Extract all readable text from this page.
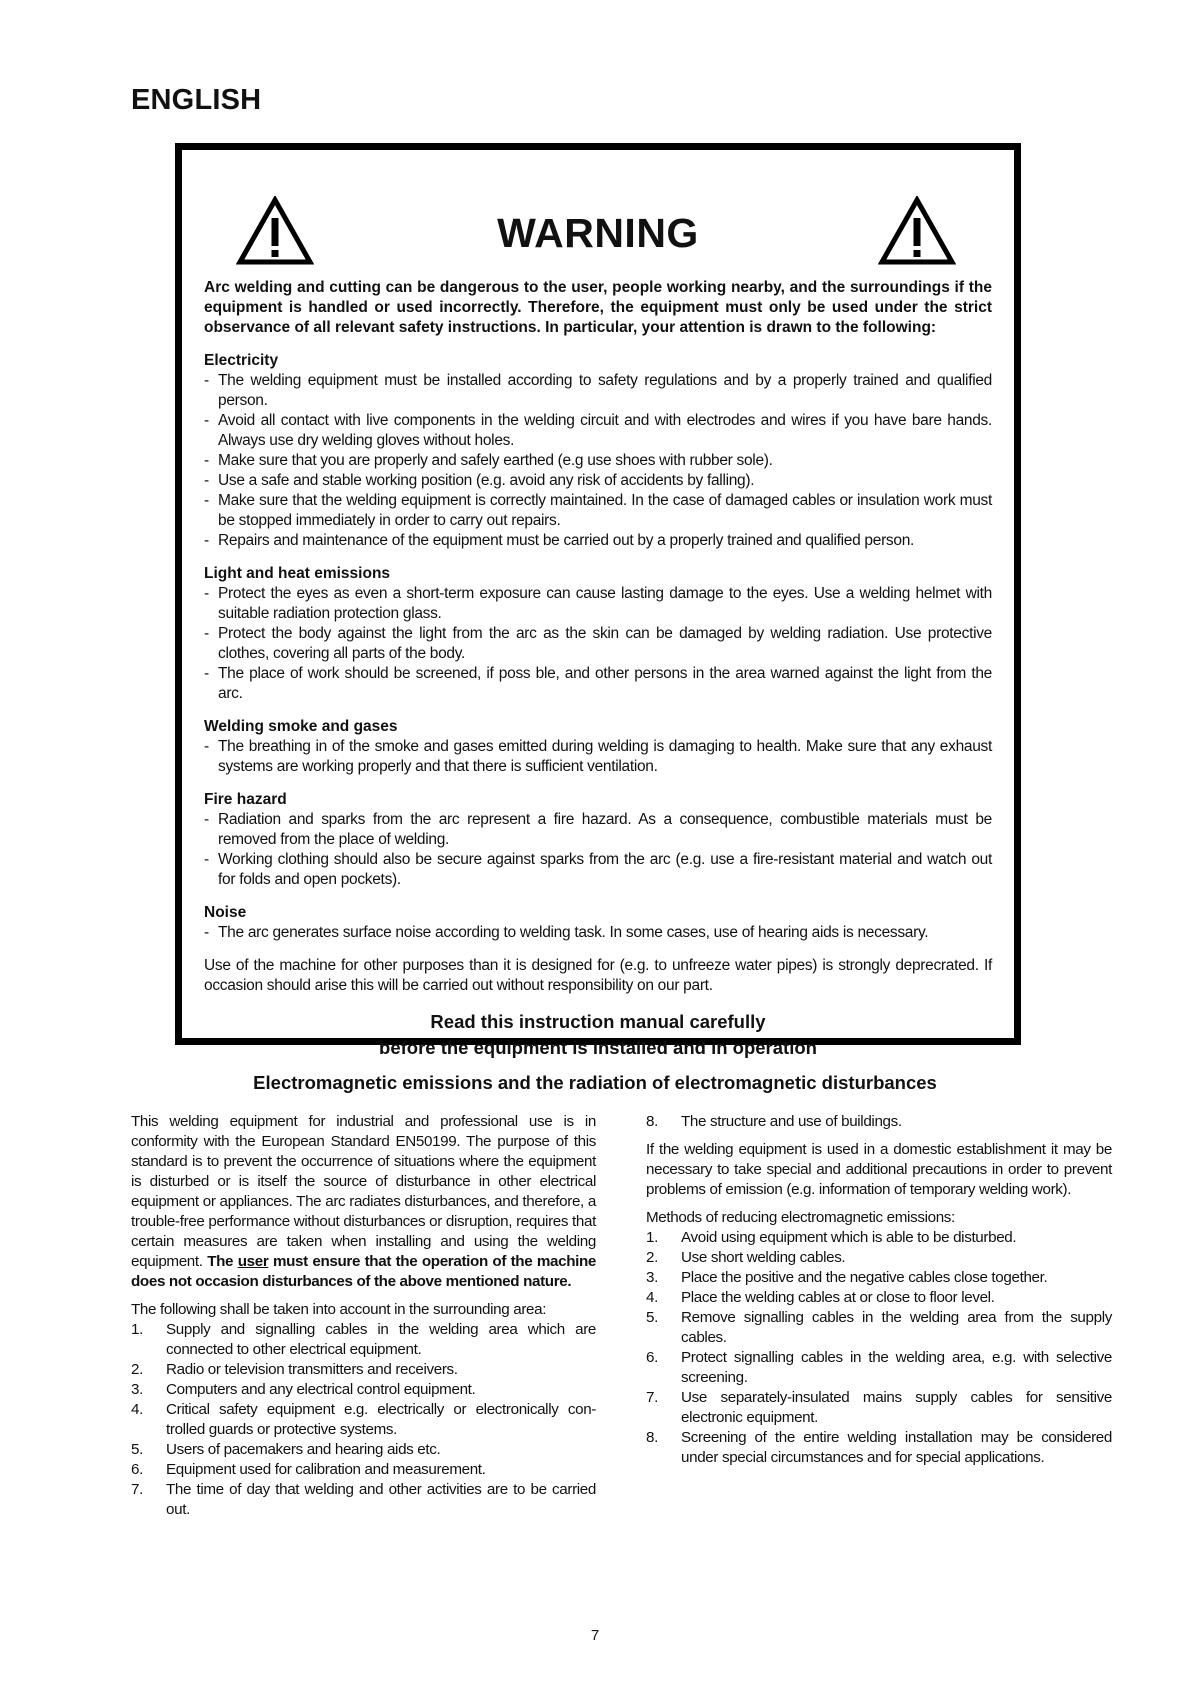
ENGLISH
WARNING
Arc welding and cutting can be dangerous to the user, people working nearby, and the surroundings if the equipment is handled or used incorrectly. Therefore, the equipment must only be used under the strict observance of all relevant safety instructions. In particular, your attention is drawn to the following:
Electricity
- The welding equipment must be installed according to safety regulations and by a properly trained and qualified person.
- Avoid all contact with live components in the welding circuit and with electrodes and wires if you have bare hands. Always use dry welding gloves without holes.
- Make sure that you are properly and safely earthed (e.g use shoes with rubber sole).
- Use a safe and stable working position (e.g. avoid any risk of accidents by falling).
- Make sure that the welding equipment is correctly maintained. In the case of damaged cables or insulation work must be stopped immediately in order to carry out repairs.
- Repairs and maintenance of the equipment must be carried out by a properly trained and qualified person.
Light and heat emissions
- Protect the eyes as even a short-term exposure can cause lasting damage to the eyes. Use a welding helmet with suitable radiation protection glass.
- Protect the body against the light from the arc as the skin can be damaged by welding radiation. Use protective clothes, covering all parts of the body.
- The place of work should be screened, if poss ble, and other persons in the area warned against the light from the arc.
Welding smoke and gases
- The breathing in of the smoke and gases emitted during welding is damaging to health. Make sure that any exhaust systems are working properly and that there is sufficient ventilation.
Fire hazard
- Radiation and sparks from the arc represent a fire hazard. As a consequence, combustible materials must be removed from the place of welding.
- Working clothing should also be secure against sparks from the arc (e.g. use a fire-resistant material and watch out for folds and open pockets).
Noise
- The arc generates surface noise according to welding task. In some cases, use of hearing aids is necessary.
Use of the machine for other purposes than it is designed for (e.g. to unfreeze water pipes) is strongly deprecrated. If occasion should arise this will be carried out without responsibility on our part.
Read this instruction manual carefully
before the equipment is installed and in operation
Electromagnetic emissions and the radiation of electromagnetic disturbances

This welding equipment for industrial and professional use is in conformity with the European Standard EN50199. The purpose of this standard is to prevent the occurrence of situations where the equipment is disturbed or is itself the source of disturbance in other electrical equipment or appliances. The arc radiates disturbances, and therefore, a trouble-free performance without disturbances or disruption, requires that certain measures are taken when installing and using the welding equipment. The user must ensure that the operation of the machine does not occasion disturbances of the above mentioned nature.

The following shall be taken into account in the surrounding area:

1. Supply and signalling cables in the welding area which are connected to other electrical equipment.
2. Radio or television transmitters and receivers.
3. Computers and any electrical control equipment.
4. Critical safety equipment e.g. electrically or electronically con-trolled guards or protective systems.
5. Users of pacemakers and hearing aids etc.
6. Equipment used for calibration and measurement.
7. The time of day that welding and other activities are to be carried out.
8. The structure and use of buildings.

If the welding equipment is used in a domestic establishment it may be necessary to take special and additional precautions in order to prevent problems of emission (e.g. information of temporary welding work).

Methods of reducing electromagnetic emissions:

1. Avoid using equipment which is able to be disturbed.
2. Use short welding cables.
3. Place the positive and the negative cables close together.
4. Place the welding cables at or close to floor level.
5. Remove signalling cables in the welding area from the supply cables.
6. Protect signalling cables in the welding area, e.g. with selective screening.
7. Use separately-insulated mains supply cables for sensitive electronic equipment.
8. Screening of the entire welding installation may be considered under special circumstances and for special applications.
7
